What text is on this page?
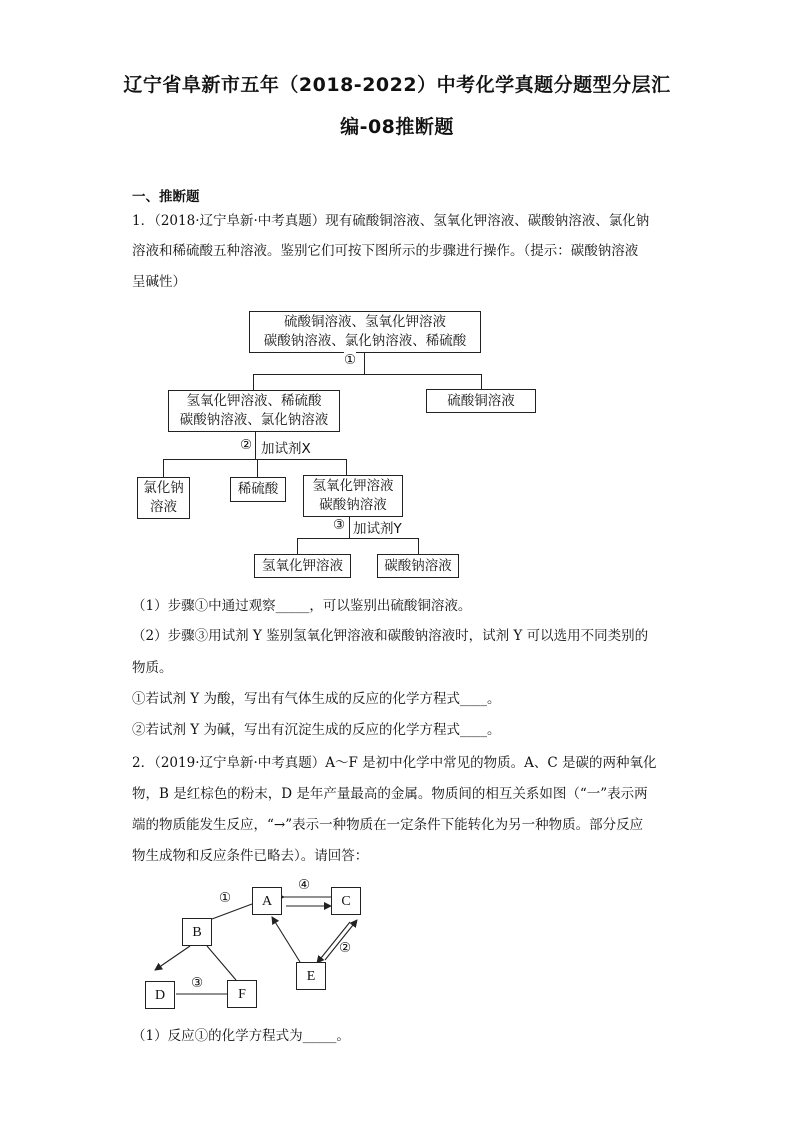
辽宁省阜新市五年（2018-2022）中考化学真题分题型分层汇
编-08推断题
一、推断题
1．（2018·辽宁阜新·中考真题）现有硫酸铜溶液、氢氧化钾溶液、碳酸钠溶液、氯化钠
溶液和稀硫酸五种溶液。鉴别它们可按下图所示的步骤进行操作。（提示：碳酸钠溶液
呈碱性）
硫酸铜溶液、氢氧化钾溶液
碳酸钠溶液、氯化钠溶液、稀硫酸
①
氢氧化钾溶液、稀硫酸
碳酸钠溶液、氯化钠溶液
硫酸铜溶液
② 加试剂X
氯化钠
溶液
稀硫酸	氢氧化钾溶液
碳酸钠溶液
③ 加试剂Y
氢氧化钾溶液	碳酸钠溶液
（1）步骤①中通过观察_____，可以鉴别出硫酸铜溶液。
（2）步骤③用试剂 Y 鉴别氢氧化钾溶液和碳酸钠溶液时，试剂 Y 可以选用不同类别的
物质。
①若试剂 Y 为酸，写出有气体生成的反应的化学方程式____。
②若试剂 Y 为碱，写出有沉淀生成的反应的化学方程式____。
2．（2019·辽宁阜新·中考真题）A～F 是初中化学中常见的物质。A、C 是碳的两种氧化
物，B 是红棕色的粉末，D 是年产量最高的金属。物质间的相互关系如图（“一”表示两
端的物质能发生反应，“→”表示一种物质在一定条件下能转化为另一种物质。部分反应
物生成物和反应条件已略去）。请回答：
A	C
B
E
D	F
①
④
②
③
（1）反应①的化学方程式为_____。
